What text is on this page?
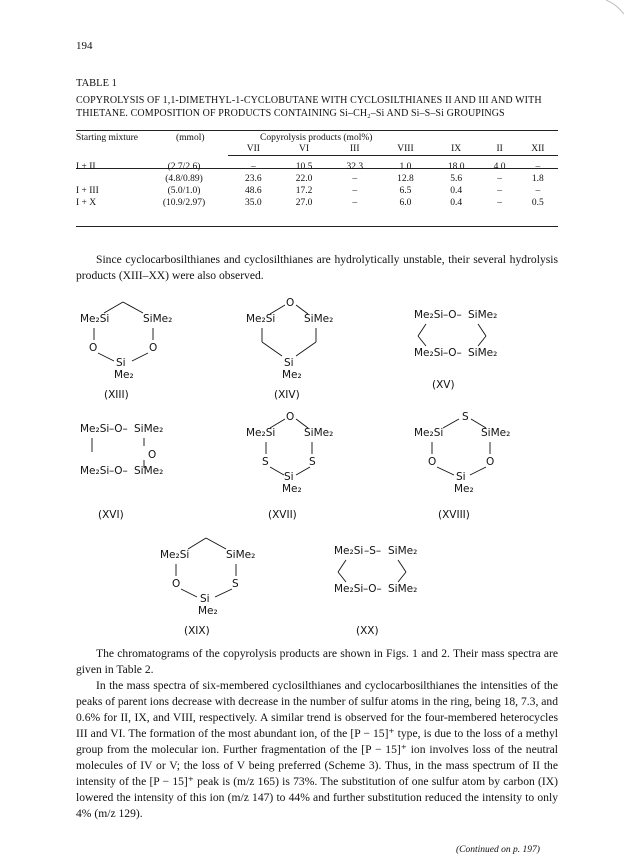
194
TABLE 1
COPYROLYSIS OF 1,1-DIMETHYL-1-CYCLOBUTANE WITH CYCLOSILTHIANES II AND III AND WITH THIETANE. COMPOSITION OF PRODUCTS CONTAINING Si–CH₂–Si AND Si–S–Si GROUPINGS
Starting mixture	(mmol)	Copyrolysis products (mol%)
		VII	VI	III	VIII	IX	II	XII

I + II	(2.7/2.6)	–	10.5	32.3	1.0	18.0	4.0	–
	(4.8/0.89)	23.6	22.0	–	12.8	5.6	–	1.8
I + III	(5.0/1.0)	48.6	17.2	–	6.5	0.4	–	–
I + X	(10.9/2.97)	35.0	27.0	–	6.0	0.4	–	0.5
Since cyclocarbosilthianes and cyclosilthianes are hydrolytically unstable, their several hydrolysis products (XIII–XX) were also observed.
Me₂Si	SiMe₂
O	O
Si
Me₂
(XIII)
Me₂Si	SiMe₂
O
Si
Me₂
(XIV)
Me₂Si –O– SiMe₂
Me₂Si –O– SiMe₂
(XV)
Me₂Si –O– SiMe₂
O
Me₂Si –O– SiMe₂
(XVI)
Me₂Si	SiMe₂
O
S	S
Si
Me₂
(XVII)
Me₂Si	SiMe₂
S
O	O
Si
Me₂
(XVIII)
Me₂Si	SiMe₂
O	S
Si
Me₂
(XIX)
Me₂Si –S– SiMe₂
Me₂Si –O– SiMe₂
(XX)
The chromatograms of the copyrolysis products are shown in Figs. 1 and 2. Their mass spectra are given in Table 2.
In the mass spectra of six-membered cyclosilthianes and cyclocarbosilthianes the intensities of the peaks of parent ions decrease with decrease in the number of sulfur atoms in the ring, being 18, 7.3, and 0.6% for II, IX, and VIII, respectively. A similar trend is observed for the four-membered heterocycles III and VI. The formation of the most abundant ion, of the [P − 15]⁺ type, is due to the loss of a methyl group from the molecular ion. Further fragmentation of the [P − 15]⁺ ion involves loss of the neutral molecules of IV or V; the loss of V being preferred (Scheme 3). Thus, in the mass spectrum of II the intensity of the [P − 15]⁺ peak is (m/z 165) is 73%. The substitution of one sulfur atom by carbon (IX) lowered the intensity of this ion (m/z 147) to 44% and further substitution reduced the intensity to only 4% (m/z 129).
(Continued on p. 197)
